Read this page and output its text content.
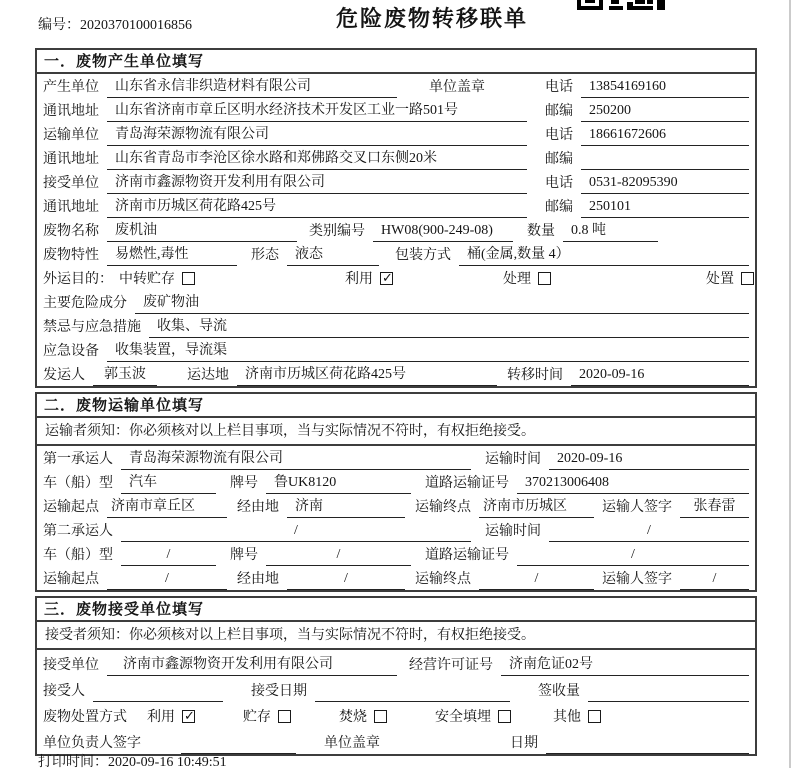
编号：2020370100016856	危险废物转移联单
一．废物产生单位填写
产生单位	山东省永信非织造材料有限公司	单位盖章	电话	13854169160
通讯地址	山东省济南市章丘区明水经济技术开发区工业一路501号	邮编	250200
运输单位	青岛海荣源物流有限公司	电话	18661672606
通讯地址	山东省青岛市李沧区徐水路和郑佛路交叉口东侧20米	邮编
接受单位	济南市鑫源物资开发利用有限公司	电话	0531-82095390
通讯地址	济南市历城区荷花路425号	邮编	250101
废物名称	废机油	类别编号	HW08(900-249-08)	数量	0.8 吨
废物特性	易燃性,毒性	形态	液态	包装方式	桶(金属,数量 4）
外运目的： 中转贮存	利用 ✓	处理	处置
主要危险成分	废矿物油
禁忌与应急措施	收集、导流
应急设备	收集装置，导流渠
发运人	郭玉波	运达地	济南市历城区荷花路425号	转移时间	2020-09-16
二．废物运输单位填写
运输者须知：你必须核对以上栏目事项，当与实际情况不符时，有权拒绝接受。
第一承运人	青岛海荣源物流有限公司	运输时间	2020-09-16
车（船）型	汽车	牌号	鲁UK8120	道路运输证号	370213006408
运输起点 济南市章丘区	经由地	济南	运输终点 济南市历城区	运输人签字	张春雷
第二承运人	/	运输时间	/
车（船）型	/	牌号	/	道路运输证号	/
运输起点	/	经由地	/	运输终点	/	运输人签字	/
三．废物接受单位填写
接受者须知：你必须核对以上栏目事项，当与实际情况不符时，有权拒绝接受。
接受单位	济南市鑫源物资开发利用有限公司	经营许可证号	济南危证02号
接受人	接受日期	签收量
废物处置方式 利用 ✓	贮存	焚烧	安全填埋	其他
单位负责人签字	单位盖章	日期
打印时间：2020-09-16 10:49:51
